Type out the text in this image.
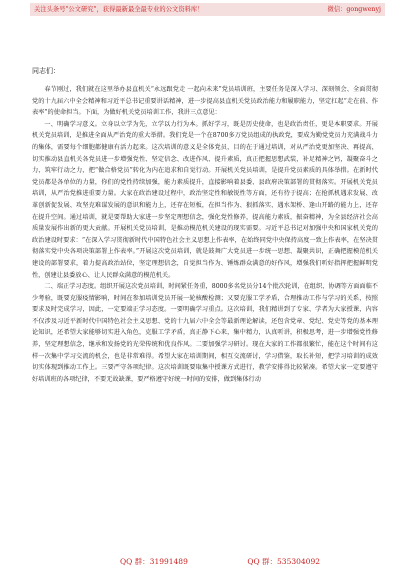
关注头条号"公文研究"，获得最新最全最专业的公文资料库！	微信：gongwenyj
同志们：

春节刚过，我们就在这里举办县直机关“永远跟党走 一起向未来”党员培训班，主要任务是深入学习、深刻领会、全面贯彻党的十九届六中全会精神和习近平总书记重要讲话精神，进一步提高县直机关党员政治能力和履职能力，坚定扛起“走在前、作表率”的使命担当。下面，为做好机关党员培训工作，我讲三点意见：

一、明确学习意义。立身以立学为先，立学以力行为本。抓好学习，既是历史使命，也是政治责任，更是本职要求。开展机关党员培训，是推进全面从严治党的重大举措。我们党是一个在8700多万党员组成的执政党，要成为勤党党员力充满战斗力的集体，需要每个细胞都健康有活力起来。这次培训的意义是全体党员，目的在于通过培训，对从严治党更加坚决、再提高，切实推动县直机关各党员进一步增强党性、坚定信念、改进作风、提升素质，真正把握思想武装，补足精神之钙，凝聚奋斗之力，筑牢行动之力，把“做合格党员”转化为内在追求和自觉行动。开展机关党员培训，是提升党员素质的具体举措。在新时代党员都是各单位的力量，你们的党性持续加强，能力素质提升，直接影响着县委、县政府决策部署的贯彻落实。开展机关党员培训，从严治党推进重要力量。大家在政治建设过程中，政治坚定性和敏锐性等方面，还有待于提高；在抢抓机遇求发展、改革创新促发展、攻坚克难谋发展的意识和能力上，还存在短板，在担当作为、狠抓落实、遇水架桥、逢山开路的能力上，还存在提升空间。通过培训，就是要帮助大家进一步坚定理想信念，强化党性修养，提高能力素质，振奋精神，为全县经济社会高质量发展作出新的更大贡献。开展机关党员培训，是推动模范机关建设的现实需要。习近平总书记对加强中央和国家机关党的政治建设时要求：“在深入学习贯彻新时代中国特色社会主义思想上作表率，在始终同党中央保持高度一致上作表率，在坚决贯彻落实党中央各项决策部署上作表率。”开展这次党员培训，就是鼓舞广大党员进一步统一思想、凝聚共识，正确把握模范机关建设的部署要求，着力提高政治站位，坚定理想信念，自觉担当作为、锤炼群众满意的好作风，增强我们听好指挥把握鲜明党性，创建让县委放心、让人民群众满意的模范机关。

二、端正学习态度。组织开展这次党员培训，时间紧任务重，8000多名党员分14个批次轮训，在组织、协调等方面面临不少考验，既要克服疫情影响，时间在参加培训党员开展一轮核酸检测；又要克服工学矛盾，合理推动工作与学习的关系，按照要求及时完成学习，因此，一定要端正学习态度。一要明确学习重点。这次培训，我们精讲到了专家、学者为大家授课，内容不仅涉及习近平新时代中国特色社会主义思想、党的十九届六中全会等最新理论解读，还包含党章、党纪、党史等党的基本理论知识，还希望大家能够切实进入角色，克服工学矛盾，真正静下心来，集中精力，认真听讲，积极思考，进一步增强党性修养，坚定理想信念，继承和发扬党的光荣传统和优良作风。二要加强学习研讨。现在大家的工作都很繁忙，能在这个时间有这样一次集中学习交流的机会，也是非常难得。希望大家在培训期间，相互交流研讨，学习借鉴，取长补短，把学习培训的成效切实体现到推动工作上。三要严守各项纪律。这次培训既要取集中授课方式进行，教学安排得比较紧凑。希望大家一定要遵守好培训班的各项纪律，不要无故缺课，要严格遵守好统一时间的安排，做到集体行动

QQ 群：31991489	QQ 群：535304092
